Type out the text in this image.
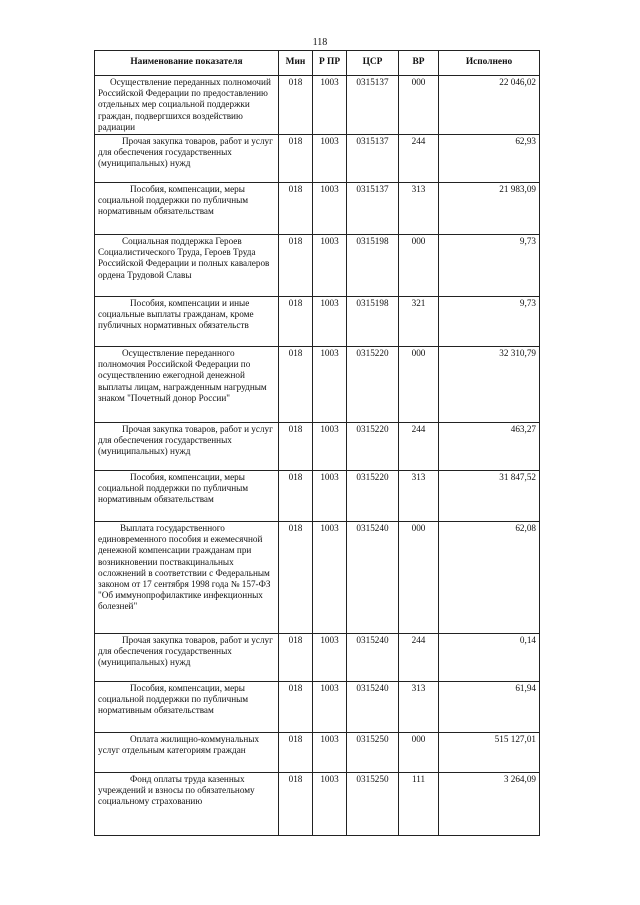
118
Наименование показателя	Мин	Р ПР	ЦСР	ВР	Исполнено
Осуществление переданных полномочий Российской Федерации по предоставлению отдельных мер социальной поддержки граждан, подвергшихся воздействию радиации	018	1003	0315137	000	22 046,02
Прочая закупка товаров, работ и услуг для обеспечения государственных (муниципальных) нужд	018	1003	0315137	244	62,93
Пособия, компенсации, меры социальной поддержки по публичным нормативным обязательствам	018	1003	0315137	313	21 983,09
Социальная поддержка Героев Социалистического Труда, Героев Труда Российской Федерации и полных кавалеров ордена Трудовой Славы	018	1003	0315198	000	9,73
Пособия, компенсации и иные социальные выплаты гражданам, кроме публичных нормативных обязательств	018	1003	0315198	321	9,73
Осуществление переданного полномочия Российской Федерации по осуществлению ежегодной денежной выплаты лицам, награжденным нагрудным знаком "Почетный донор России"	018	1003	0315220	000	32 310,79
Прочая закупка товаров, работ и услуг для обеспечения государственных (муниципальных) нужд	018	1003	0315220	244	463,27
Пособия, компенсации, меры социальной поддержки по публичным нормативным обязательствам	018	1003	0315220	313	31 847,52
Выплата государственного единовременного пособия и ежемесячной денежной компенсации гражданам при возникновении поствакцинальных осложнений в соответствии с Федеральным законом от 17 сентября 1998 года № 157-ФЗ "Об иммунопрофилактике инфекционных болезней"	018	1003	0315240	000	62,08
Прочая закупка товаров, работ и услуг для обеспечения государственных (муниципальных) нужд	018	1003	0315240	244	0,14
Пособия, компенсации, меры социальной поддержки по публичным нормативным обязательствам	018	1003	0315240	313	61,94
Оплата жилищно-коммунальных услуг отдельным категориям граждан	018	1003	0315250	000	515 127,01
Фонд оплаты труда казенных учреждений и взносы по обязательному социальному страхованию	018	1003	0315250	111	3 264,09
